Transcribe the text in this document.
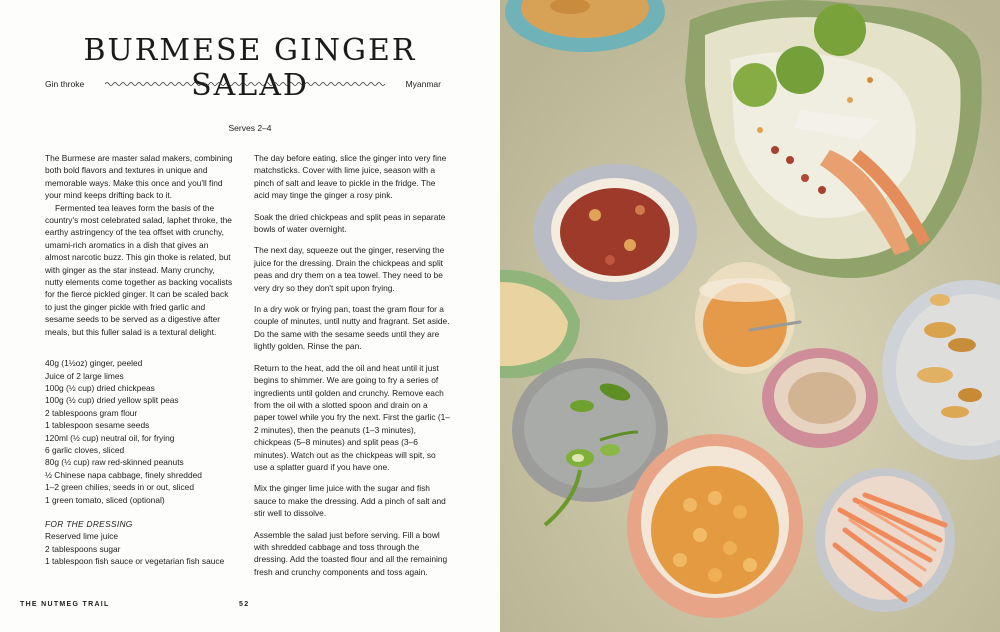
BURMESE GINGER SALAD
Gin throke	Myanmar

Serves 2–4

The Burmese are master salad makers, combining both bold flavors and textures in unique and memorable ways. Make this once and you'll find your mind keeps drifting back to it.

Fermented tea leaves form the basis of the country's most celebrated salad, laphet throke, the earthy astringency of the tea offset with crunchy, umami-rich aromatics in a dish that gives an almost narcotic buzz. This gin thoke is related, but with ginger as the star instead. Many crunchy, nutty elements come together as backing vocalists for the fierce pickled ginger. It can be scaled back to just the ginger pickle with fried garlic and sesame seeds to be served as a digestive after meals, but this fuller salad is a textural delight.

40g (1½oz) ginger, peeled
Juice of 2 large limes
100g (½ cup) dried chickpeas
100g (½ cup) dried yellow split peas
2 tablespoons gram flour
1 tablespoon sesame seeds
120ml (½ cup) neutral oil, for frying
6 garlic cloves, sliced
80g (½ cup) raw red-skinned peanuts
½ Chinese napa cabbage, finely shredded
1–2 green chilies, seeds in or out, sliced
1 green tomato, sliced (optional)
FOR THE DRESSING
Reserved lime juice
2 tablespoons sugar
1 tablespoon fish sauce or vegetarian fish sauce

The day before eating, slice the ginger into very fine matchsticks. Cover with lime juice, season with a pinch of salt and leave to pickle in the fridge. The acid may tinge the ginger a rosy pink.

Soak the dried chickpeas and split peas in separate bowls of water overnight.

The next day, squeeze out the ginger, reserving the juice for the dressing. Drain the chickpeas and split peas and dry them on a tea towel. They need to be very dry so they don't spit upon frying.

In a dry wok or frying pan, toast the gram flour for a couple of minutes, until nutty and fragrant. Set aside. Do the same with the sesame seeds until they are lightly golden. Rinse the pan.

Return to the heat, add the oil and heat until it just begins to shimmer. We are going to fry a series of ingredients until golden and crunchy. Remove each from the oil with a slotted spoon and drain on a paper towel while you fry the next. First the garlic (1–2 minutes), then the peanuts (1–3 minutes), chickpeas (5–8 minutes) and split peas (3–6 minutes). Watch out as the chickpeas will spit, so use a splatter guard if you have one.

Mix the ginger lime juice with the sugar and fish sauce to make the dressing. Add a pinch of salt and stir well to dissolve.

Assemble the salad just before serving. Fill a bowl with shredded cabbage and toss through the dressing. Add the toasted flour and all the remaining fresh and crunchy components and toss again.

THE NUTMEG TRAIL	52
